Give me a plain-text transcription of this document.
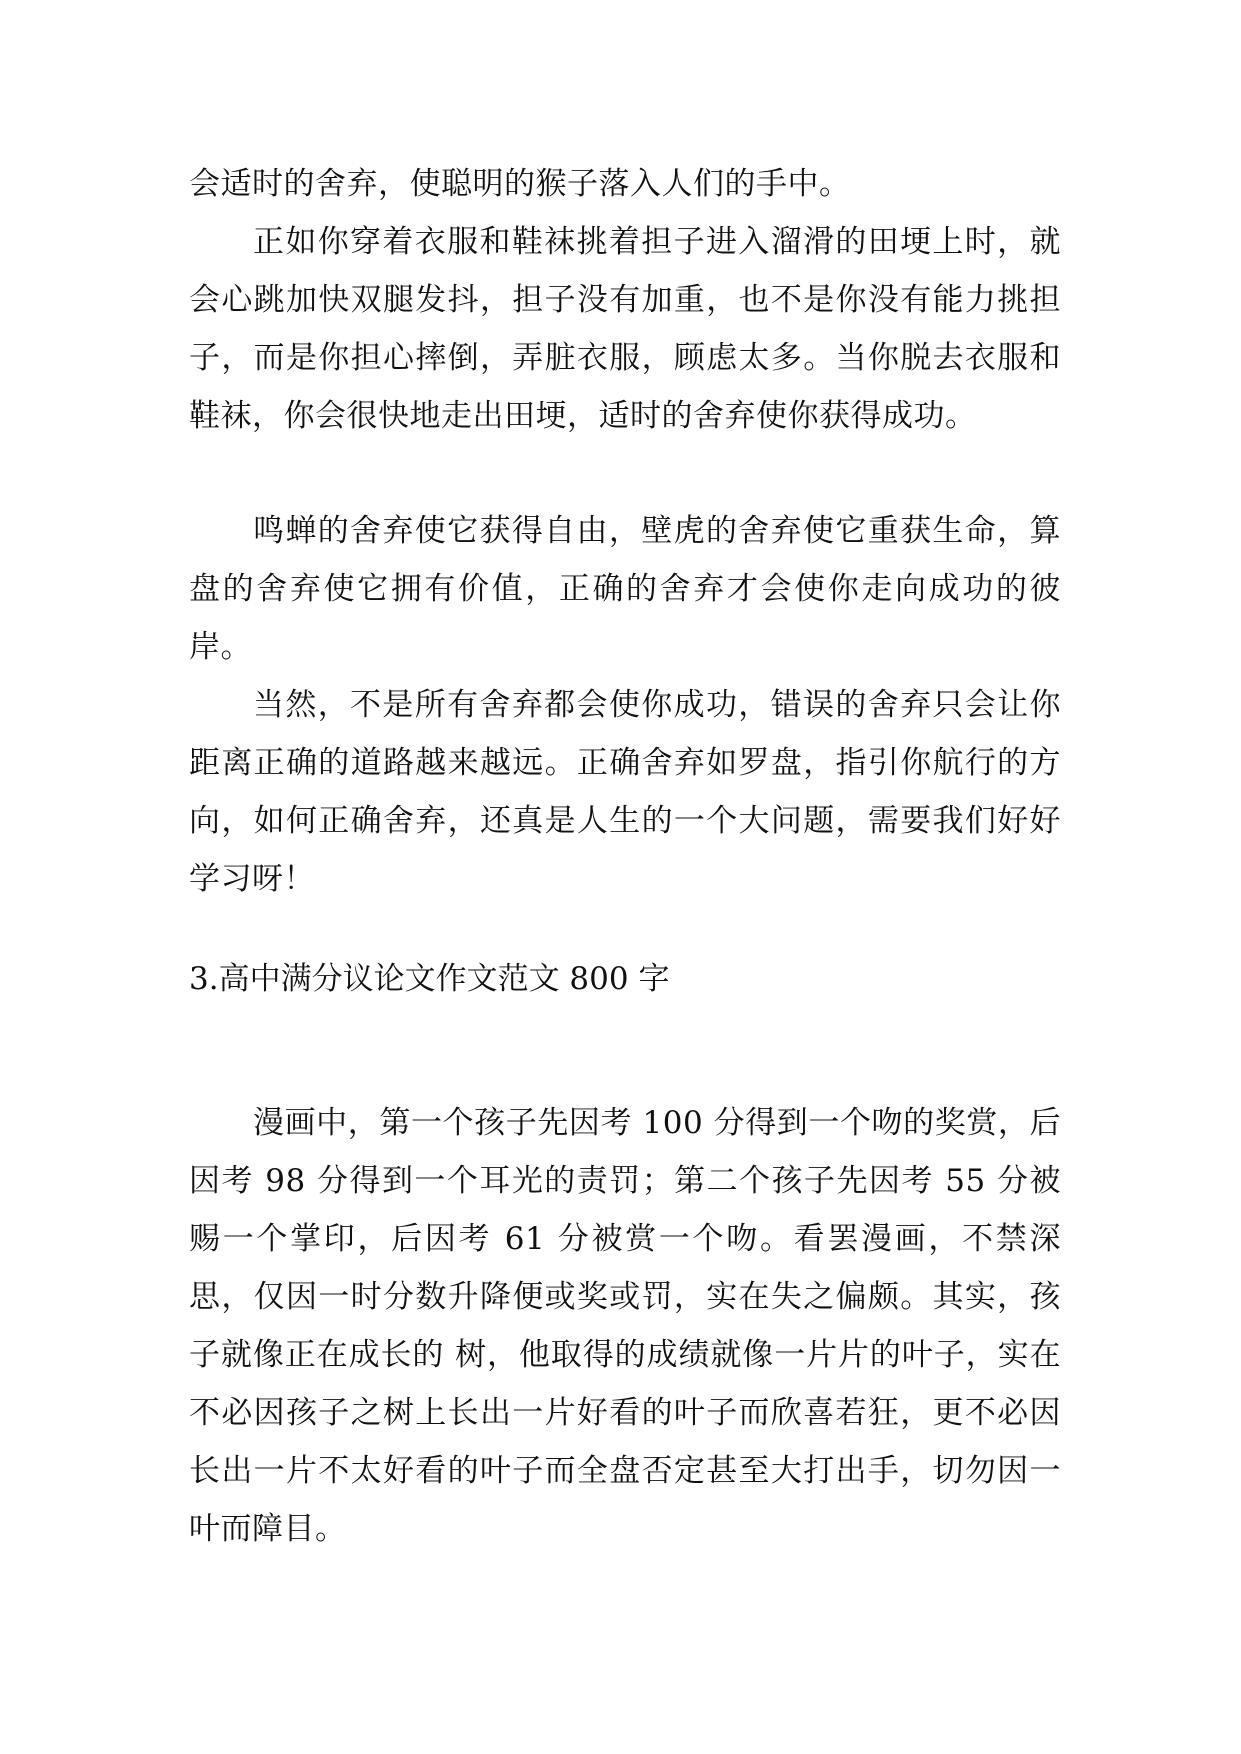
会适时的舍弃，使聪明的猴子落入人们的手中。

正如你穿着衣服和鞋袜挑着担子进入溜滑的田埂上时，就会心跳加快双腿发抖，担子没有加重，也不是你没有能力挑担子，而是你担心摔倒，弄脏衣服，顾虑太多。当你脱去衣服和鞋袜，你会很快地走出田埂，适时的舍弃使你获得成功。

鸣蝉的舍弃使它获得自由，壁虎的舍弃使它重获生命，算盘的舍弃使它拥有价值，正确的舍弃才会使你走向成功的彼岸。

当然，不是所有舍弃都会使你成功，错误的舍弃只会让你距离正确的道路越来越远。正确舍弃如罗盘，指引你航行的方向，如何正确舍弃，还真是人生的一个大问题，需要我们好好学习呀！

3.高中满分议论文作文范文 800 字

漫画中，第一个孩子先因考 100 分得到一个吻的奖赏，后因考 98 分得到一个耳光的责罚；第二个孩子先因考 55 分被赐一个掌印，后因考 61 分被赏一个吻。看罢漫画，不禁深思，仅因一时分数升降便或奖或罚，实在失之偏颇。其实，孩子就像正在成长的 树，他取得的成绩就像一片片的叶子，实在不必因孩子之树上长出一片好看的叶子而欣喜若狂，更不必因长出一片不太好看的叶子而全盘否定甚至大打出手，切勿因一叶而障目。
